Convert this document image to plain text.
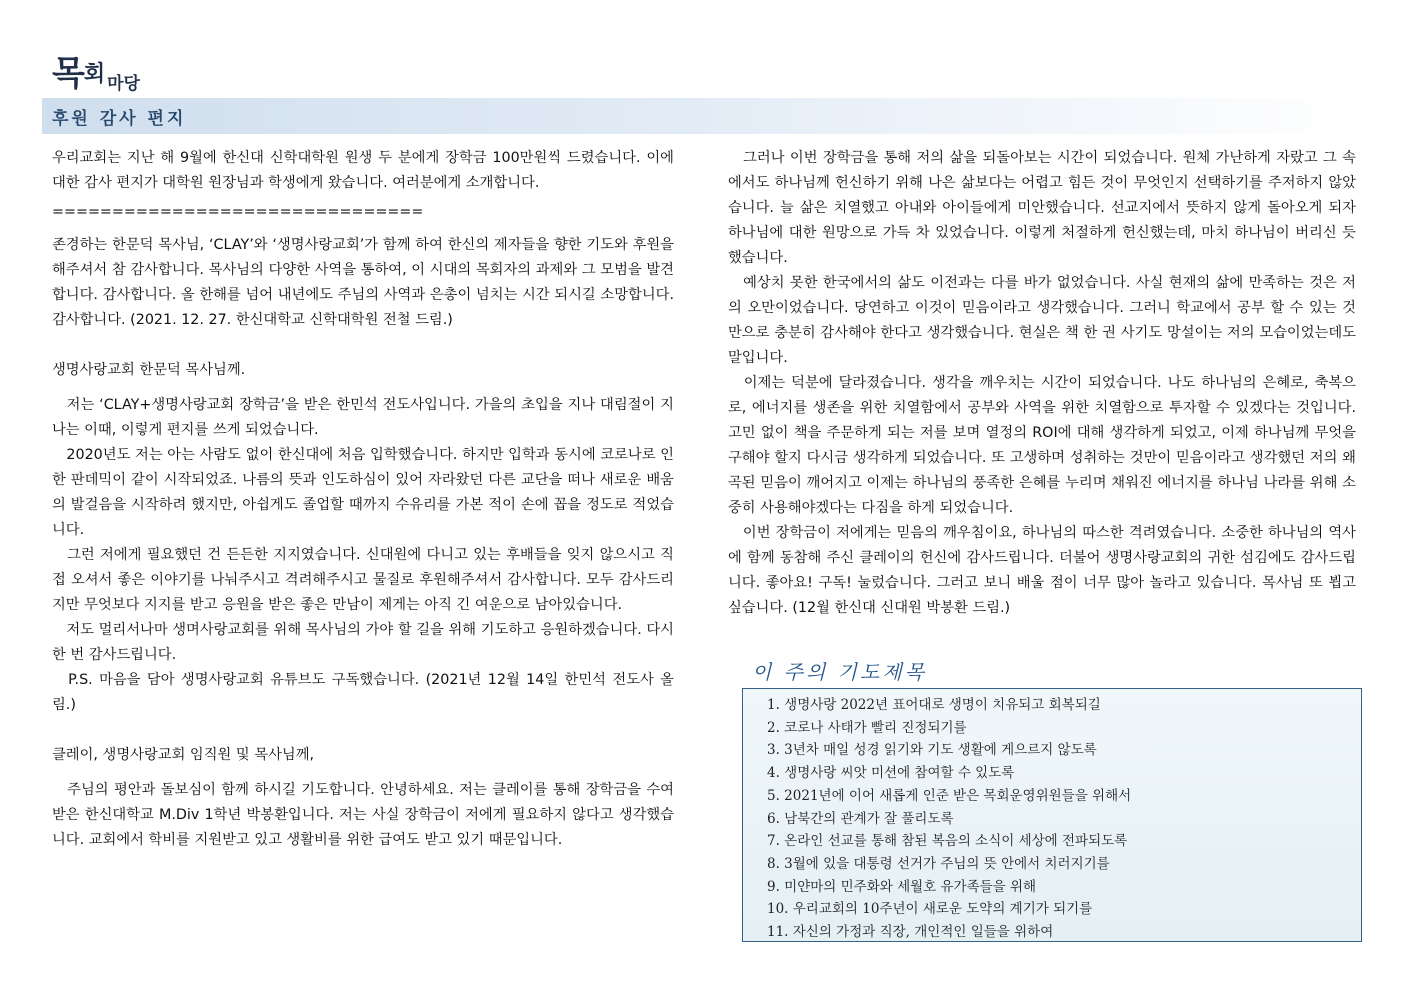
목회 마당
후원 감사 편지

우리교회는 지난 해 9월에 한신대 신학대학원 원생 두 분에게 장학금 100만원씩 드렸습니다. 이에 대한 감사 편지가 대학원 원장님과 학생에게 왔습니다. 여러분에게 소개합니다.

===============================

존경하는 한문덕 목사님, ‘CLAY’와 ‘생명사랑교회’가 함께 하여 한신의 제자들을 향한 기도와 후원을 해주셔서 참 감사합니다. 목사님의 다양한 사역을 통하여, 이 시대의 목회자의 과제와 그 모범을 발견합니다. 감사합니다. 올 한해를 넘어 내년에도 주님의 사역과 은총이 넘치는 시간 되시길 소망합니다. 감사합니다. (2021. 12. 27. 한신대학교 신학대학원 전철 드림.)

생명사랑교회 한문덕 목사님께.

　저는 ‘CLAY+생명사랑교회 장학금’을 받은 한민석 전도사입니다. 가을의 초입을 지나 대림절이 지나는 이때, 이렇게 편지를 쓰게 되었습니다.

　2020년도 저는 아는 사람도 없이 한신대에 처음 입학했습니다. 하지만 입학과 동시에 코로나로 인한 판데믹이 같이 시작되었죠. 나름의 뜻과 인도하심이 있어 자라왔던 다른 교단을 떠나 새로운 배움의 발걸음을 시작하려 했지만, 아쉽게도 졸업할 때까지 수유리를 가본 적이 손에 꼽을 정도로 적었습니다.

　그런 저에게 필요했던 건 든든한 지지였습니다. 신대원에 다니고 있는 후배들을 잊지 않으시고 직접 오셔서 좋은 이야기를 나눠주시고 격려해주시고 물질로 후원해주셔서 감사합니다. 모두 감사드리지만 무엇보다 지지를 받고 응원을 받은 좋은 만남이 제게는 아직 긴 여운으로 남아있습니다.

　저도 멀리서나마 생며사랑교회를 위해 목사님의 가야 할 길을 위해 기도하고 응원하겠습니다. 다시 한 번 감사드립니다.

　P.S. 마음을 담아 생명사랑교회 유튜브도 구독했습니다. (2021년 12월 14일 한민석 전도사 올림.)

클레이, 생명사랑교회 임직원 및 목사님께,

　주님의 평안과 돌보심이 함께 하시길 기도합니다. 안녕하세요. 저는 클레이를 통해 장학금을 수여 받은 한신대학교 M.Div 1학년 박봉환입니다. 저는 사실 장학금이 저에게 필요하지 않다고 생각했습니다. 교회에서 학비를 지원받고 있고 생활비를 위한 급여도 받고 있기 때문입니다.

　그러나 이번 장학금을 통해 저의 삶을 되돌아보는 시간이 되었습니다. 원체 가난하게 자랐고 그 속에서도 하나님께 헌신하기 위해 나은 삶보다는 어렵고 힘든 것이 무엇인지 선택하기를 주저하지 않았습니다. 늘 삶은 치열했고 아내와 아이들에게 미안했습니다. 선교지에서 뜻하지 않게 돌아오게 되자 하나님에 대한 원망으로 가득 차 있었습니다. 이렇게 처절하게 헌신했는데, 마치 하나님이 버리신 듯했습니다.

　예상치 못한 한국에서의 삶도 이전과는 다를 바가 없었습니다. 사실 현재의 삶에 만족하는 것은 저의 오만이었습니다. 당연하고 이것이 믿음이라고 생각했습니다. 그러니 학교에서 공부 할 수 있는 것만으로 충분히 감사해야 한다고 생각했습니다. 현실은 책 한 권 사기도 망설이는 저의 모습이었는데도 말입니다.

　이제는 덕분에 달라졌습니다. 생각을 깨우치는 시간이 되었습니다. 나도 하나님의 은혜로, 축복으로, 에너지를 생존을 위한 치열함에서 공부와 사역을 위한 치열함으로 투자할 수 있겠다는 것입니다. 고민 없이 책을 주문하게 되는 저를 보며 열정의 ROI에 대해 생각하게 되었고, 이제 하나님께 무엇을 구해야 할지 다시금 생각하게 되었습니다. 또 고생하며 성취하는 것만이 믿음이라고 생각했던 저의 왜곡된 믿음이 깨어지고 이제는 하나님의 풍족한 은혜를 누리며 채워진 에너지를 하나님 나라를 위해 소중히 사용해야겠다는 다짐을 하게 되었습니다.

　이번 장학금이 저에게는 믿음의 깨우침이요, 하나님의 따스한 격려였습니다. 소중한 하나님의 역사에 함께 동참해 주신 클레이의 헌신에 감사드립니다. 더불어 생명사랑교회의 귀한 섬김에도 감사드립니다. 좋아요! 구독! 눌렀습니다. 그러고 보니 배울 점이 너무 많아 놀라고 있습니다. 목사님 또 뵙고 싶습니다. (12월 한신대 신대원 박봉환 드림.)

이 주의 기도제목
1. 생명사랑 2022년 표어대로 생명이 치유되고 회복되길
2. 코로나 사태가 빨리 진정되기를
3. 3년차 매일 성경 읽기와 기도 생활에 게으르지 않도록
4. 생명사랑 씨앗 미션에 참여할 수 있도록
5. 2021년에 이어 새롭게 인준 받은 목회운영위원들을 위해서
6. 남북간의 관계가 잘 풀리도록
7. 온라인 선교를 통해 참된 복음의 소식이 세상에 전파되도록
8. 3월에 있을 대통령 선거가 주님의 뜻 안에서 치러지기를
9. 미얀마의 민주화와 세월호 유가족들을 위해
10. 우리교회의 10주년이 새로운 도약의 계기가 되기를
11. 자신의 가정과 직장, 개인적인 일들을 위하여
